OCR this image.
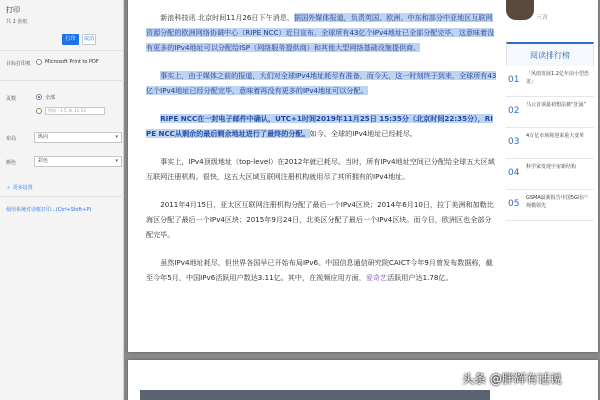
打印
共 1 张纸
打印	取消
目标打印机	Microsoft Print to PDF
页数	全部
例如：1-5, 8, 11-13
布局	纵向	▾
颜色	彩色	▾
＋ 更多设置
使用系统对话框打印...(Ctrl+Shift+P)

新浪科技讯 北京时间11月26日下午消息，据国外媒体报道，负责英国、欧洲、中东和部分中亚地区互联网资源分配的欧洲网络协调中心（RIPE NCC）近日宣布，全球所有43亿个IPv4地址已全部分配完毕，这意味着没有更多的IPv4地址可以分配给ISP（网络服务提供商）和其他大型网络基础设施提供商。

事实上，由于媒体之前的报道，大们对全球IPv4地址耗尽有准备，而今天，这一时刻终于到来，全球所有43亿个IPv4地址已经分配完毕，意味着再没有更多的IPv4地址可以分配。

RIPE NCC在一封电子邮件中确认，UTC+1时间2019年11月25日 15:35分（北京时间22:35分），RIPE NCC从剩余的最后剩余地址进行了最终的分配。如今，全球的IPv4地址已经耗尽。

事实上，IPv4顶级地址（top-level）在2012年就已耗尽。当时，所有IPv4地址空间已分配给全球五大区域互联网注册机构。很快，这五大区域互联网注册机构就用尽了其所拥有的IPv4地址。

2011年4月15日，亚太区互联网注册机构分配了最后一个IPv4区块；2014年6月10日，拉丁美洲和加勒比海区分配了最后一个IPv4区块；2015年9月24日，北美区分配了最后一个IPv4区块。而今日，欧洲区也全部分配完毕。

虽然IPv4地址耗尽，但世界各国早已开始布局IPv6。中国信息通信研究院CAICT今年9月曾发布数据称，截至今年5月，中国IPv6活跃用户数达3.11亿。其中，在视频应用方面，爱奇艺活跃用户达1.78亿。

三言
阅读排行榜
01
「风雨发展1.2亿年前小型恐龙」
02
马云首谈最初想法被“狂涌”
03
4万亿市场将迎来重大变革
04
科学家发现宇宙新结构
05
GSMA最新报告中国5G用户规模领先
头条 @胖辉有话说
